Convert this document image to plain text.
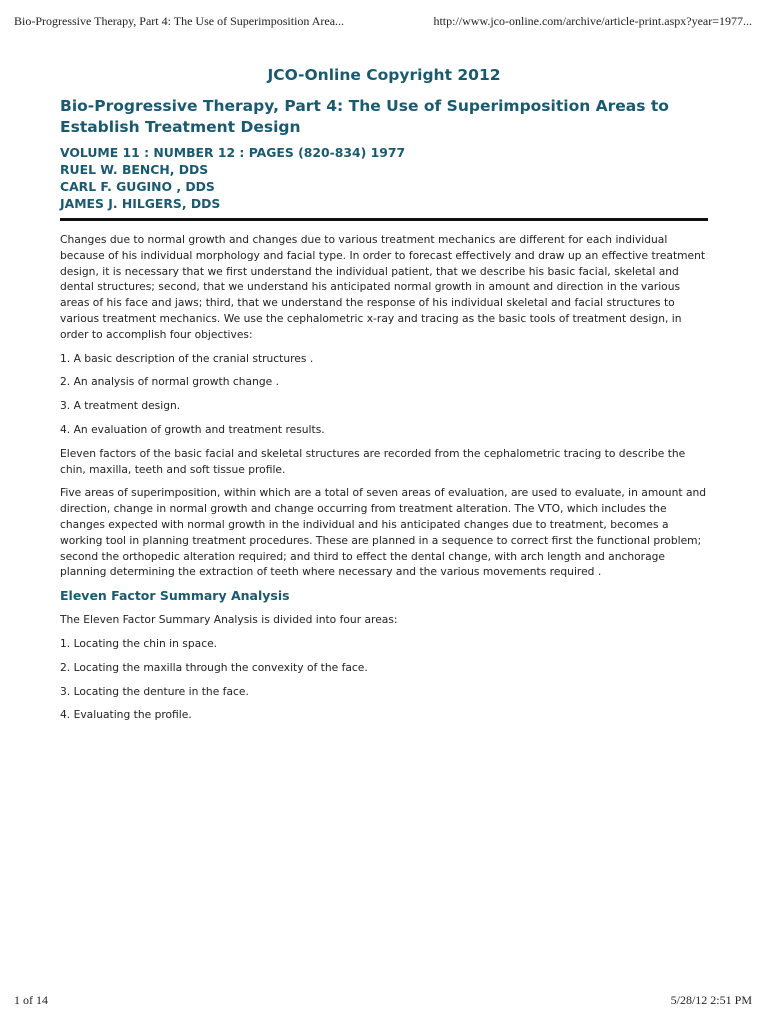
Bio-Progressive Therapy, Part 4: The Use of Superimposition Area...	http://www.jco-online.com/archive/article-print.aspx?year=1977...
JCO-Online Copyright 2012
Bio-Progressive Therapy, Part 4: The Use of Superimposition Areas to Establish Treatment Design
VOLUME 11 : NUMBER 12 : PAGES (820-834) 1977
RUEL W. BENCH, DDS
CARL F. GUGINO , DDS
JAMES J. HILGERS, DDS

Changes due to normal growth and changes due to various treatment mechanics are different for each individual because of his individual morphology and facial type. In order to forecast effectively and draw up an effective treatment design, it is necessary that we first understand the individual patient, that we describe his basic facial, skeletal and dental structures; second, that we understand his anticipated normal growth in amount and direction in the various areas of his face and jaws; third, that we understand the response of his individual skeletal and facial structures to various treatment mechanics. We use the cephalometric x-ray and tracing as the basic tools of treatment design, in order to accomplish four objectives:

1. A basic description of the cranial structures .

2. An analysis of normal growth change .

3. A treatment design.

4. An evaluation of growth and treatment results.

Eleven factors of the basic facial and skeletal structures are recorded from the cephalometric tracing to describe the chin, maxilla, teeth and soft tissue profile.

Five areas of superimposition, within which are a total of seven areas of evaluation, are used to evaluate, in amount and direction, change in normal growth and change occurring from treatment alteration. The VTO, which includes the changes expected with normal growth in the individual and his anticipated changes due to treatment, becomes a working tool in planning treatment procedures. These are planned in a sequence to correct first the functional problem; second the orthopedic alteration required; and third to effect the dental change, with arch length and anchorage planning determining the extraction of teeth where necessary and the various movements required .

Eleven Factor Summary Analysis

The Eleven Factor Summary Analysis is divided into four areas:

1. Locating the chin in space.

2. Locating the maxilla through the convexity of the face.

3. Locating the denture in the face.

4. Evaluating the profile.

1 of 14	5/28/12 2:51 PM
